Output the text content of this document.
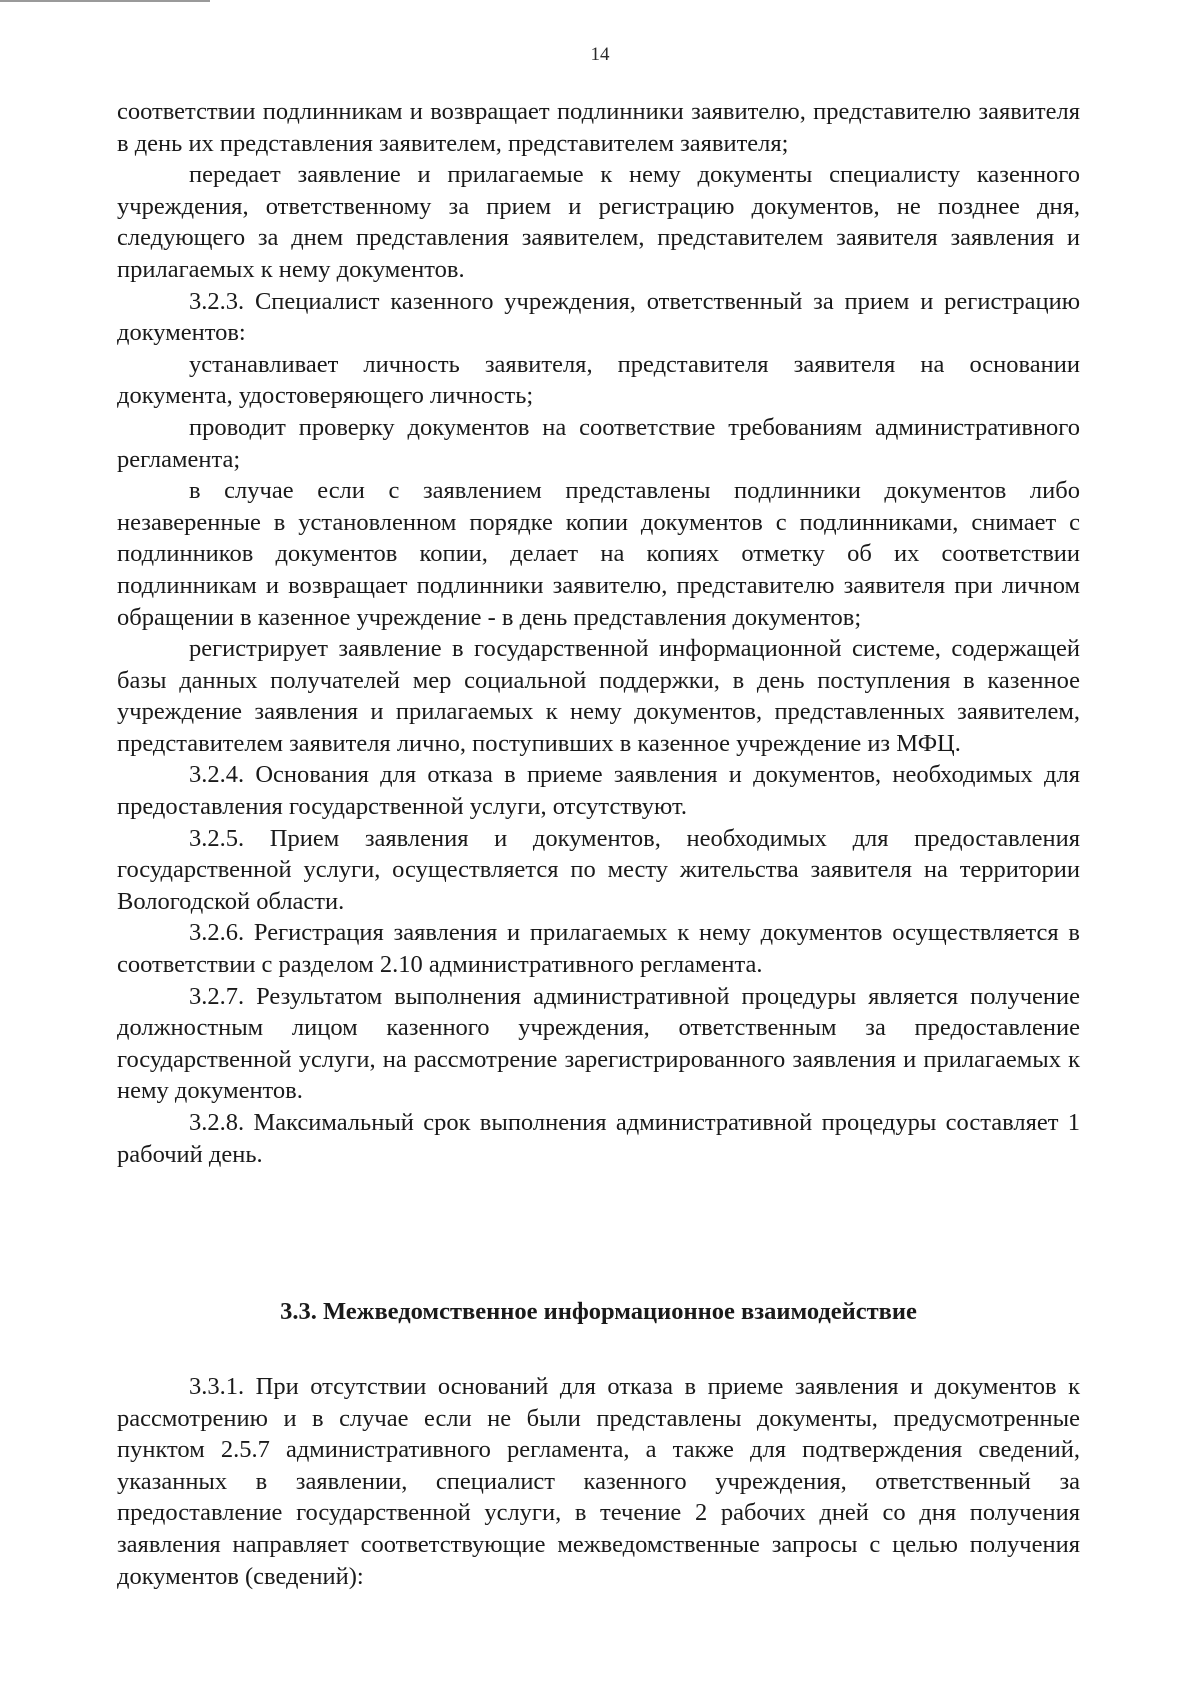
14

соответствии подлинникам и возвращает подлинники заявителю, представителю заявителя в день их представления заявителем, представителем заявителя;

передает заявление и прилагаемые к нему документы специалисту казенного учреждения, ответственному за прием и регистрацию документов, не позднее дня, следующего за днем представления заявителем, представителем заявителя заявления и прилагаемых к нему документов.

3.2.3. Специалист казенного учреждения, ответственный за прием и регистрацию документов:

устанавливает личность заявителя, представителя заявителя на основании документа, удостоверяющего личность;

проводит проверку документов на соответствие требованиям административного регламента;

в случае если с заявлением представлены подлинники документов либо незаверенные в установленном порядке копии документов с подлинниками, снимает с подлинников документов копии, делает на копиях отметку об их соответствии подлинникам и возвращает подлинники заявителю, представителю заявителя при личном обращении в казенное учреждение - в день представления документов;

регистрирует заявление в государственной информационной системе, содержащей базы данных получателей мер социальной поддержки, в день поступления в казенное учреждение заявления и прилагаемых к нему документов, представленных заявителем, представителем заявителя лично, поступивших в казенное учреждение из МФЦ.

3.2.4. Основания для отказа в приеме заявления и документов, необходимых для предоставления государственной услуги, отсутствуют.

3.2.5. Прием заявления и документов, необходимых для предоставления государственной услуги, осуществляется по месту жительства заявителя на территории Вологодской области.

3.2.6. Регистрация заявления и прилагаемых к нему документов осуществляется в соответствии с разделом 2.10 административного регламента.

3.2.7. Результатом выполнения административной процедуры является получение должностным лицом казенного учреждения, ответственным за предоставление государственной услуги, на рассмотрение зарегистрированного заявления и прилагаемых к нему документов.

3.2.8. Максимальный срок выполнения административной процедуры составляет 1 рабочий день.

3.3. Межведомственное информационное взаимодействие

3.3.1. При отсутствии оснований для отказа в приеме заявления и документов к рассмотрению и в случае если не были представлены документы, предусмотренные пунктом 2.5.7 административного регламента, а также для подтверждения сведений, указанных в заявлении, специалист казенного учреждения, ответственный за предоставление государственной услуги, в течение 2 рабочих дней со дня получения заявления направляет соответствующие межведомственные запросы с целью получения документов (сведений):
